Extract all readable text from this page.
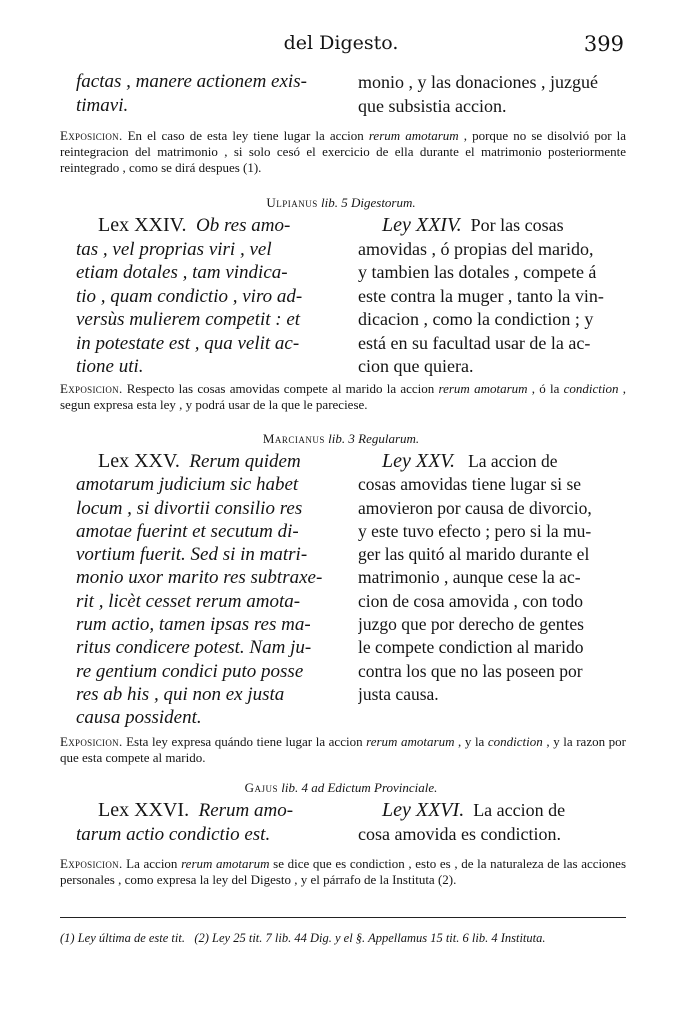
del Digesto.	399
factas , manere actionem exis-
timavi.
monio , y las donaciones , juzgué
que subsistia accion.
Exposicion. En el caso de esta ley tiene lugar la accion rerum amotarum , porque no se disolvió por la reintegracion del matrimonio , si solo cesó el exercicio de ella durante el matrimonio posteriormente reintegrado , como se dirá despues (1).
Ulpianus lib. 5 Digestorum.
Lex XXIV. Ob res amo-
tas , vel proprias viri , vel
etiam dotales , tam vindica-
tio , quam condictio , viro ad-
versùs mulierem competit : et
in potestate est , qua velit ac-
tione uti.
Ley XXIV. Por las cosas
amovidas , ó propias del marido,
y tambien las dotales , compete á
este contra la muger , tanto la vin-
dicacion , como la condiction ; y
está en su facultad usar de la ac-
cion que quiera.
Exposicion. Respecto las cosas amovidas compete al marido la accion rerum amotarum , ó la condiction , segun expresa esta ley , y podrá usar de la que le pareciese.
Marcianus lib. 3 Regularum.
Lex XXV. Rerum quidem
amotarum judicium sic habet
locum , si divortii consilio res
amotae fuerint et secutum di-
vortium fuerit. Sed si in matri-
monio uxor marito res subtraxe-
rit , licèt cesset rerum amota-
rum actio, tamen ipsas res ma-
ritus condicere potest. Nam ju-
re gentium condici puto posse
res ab his , qui non ex justa
causa possident.
Ley XXV. La accion de
cosas amovidas tiene lugar si se
amovieron por causa de divorcio,
y este tuvo efecto ; pero si la mu-
ger las quitó al marido durante el
matrimonio , aunque cese la ac-
cion de cosa amovida , con todo
juzgo que por derecho de gentes
le compete condiction al marido
contra los que no las poseen por
justa causa.
Exposicion. Esta ley expresa quándo tiene lugar la accion rerum amotarum , y la condiction , y la razon por que esta compete al marido.
Gajus lib. 4 ad Edictum Provinciale.
Lex XXVI. Rerum amo-
tarum actio condictio est.
Ley XXVI. La accion de
cosa amovida es condiction.
Exposicion. La accion rerum amotarum se dice que es condiction , esto es , de la naturaleza de las acciones personales , como expresa la ley del Digesto , y el párrafo de la Instituta (2).
(1) Ley última de este tit. (2) Ley 25 tit. 7 lib. 44 Dig. y el §. Appellamus 15 tit. 6 lib. 4 Instituta.
